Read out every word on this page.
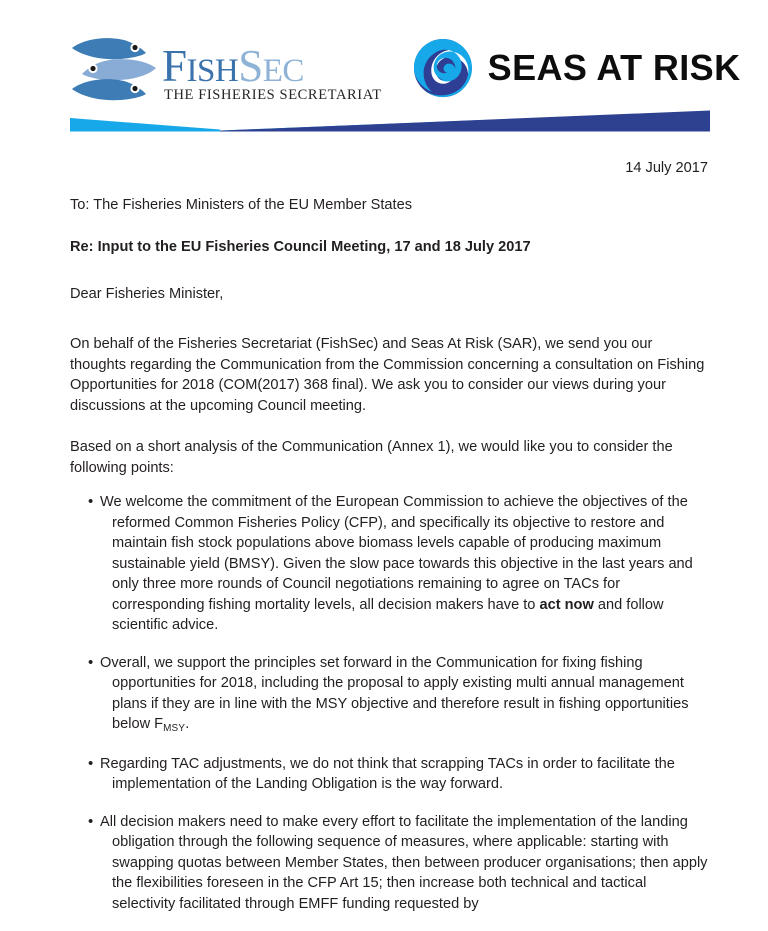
FISHSEC
THE FISHERIES SECRETARIAT
SEAS AT RISK
14 July 2017
To: The Fisheries Ministers of the EU Member States
Re: Input to the EU Fisheries Council Meeting, 17 and 18 July 2017
Dear Fisheries Minister,
On behalf of the Fisheries Secretariat (FishSec) and Seas At Risk (SAR), we send you our thoughts regarding the Communication from the Commission concerning a consultation on Fishing Opportunities for 2018 (COM(2017) 368 final). We ask you to consider our views during your discussions at the upcoming Council meeting.
Based on a short analysis of the Communication (Annex 1), we would like you to consider the following points:
• We welcome the commitment of the European Commission to achieve the objectives of the reformed Common Fisheries Policy (CFP), and specifically its objective to restore and maintain fish stock populations above biomass levels capable of producing maximum sustainable yield (BMSY). Given the slow pace towards this objective in the last years and only three more rounds of Council negotiations remaining to agree on TACs for corresponding fishing mortality levels, all decision makers have to act now and follow scientific advice.
• Overall, we support the principles set forward in the Communication for fixing fishing opportunities for 2018, including the proposal to apply existing multi annual management plans if they are in line with the MSY objective and therefore result in fishing opportunities below $F_{MSY}$.
• Regarding TAC adjustments, we do not think that scrapping TACs in order to facilitate the implementation of the Landing Obligation is the way forward.
• All decision makers need to make every effort to facilitate the implementation of the landing obligation through the following sequence of measures, where applicable: starting with swapping quotas between Member States, then between producer organisations; then apply the flexibilities foreseen in the CFP Art 15; then increase both technical and tactical selectivity facilitated through EMFF funding requested by
